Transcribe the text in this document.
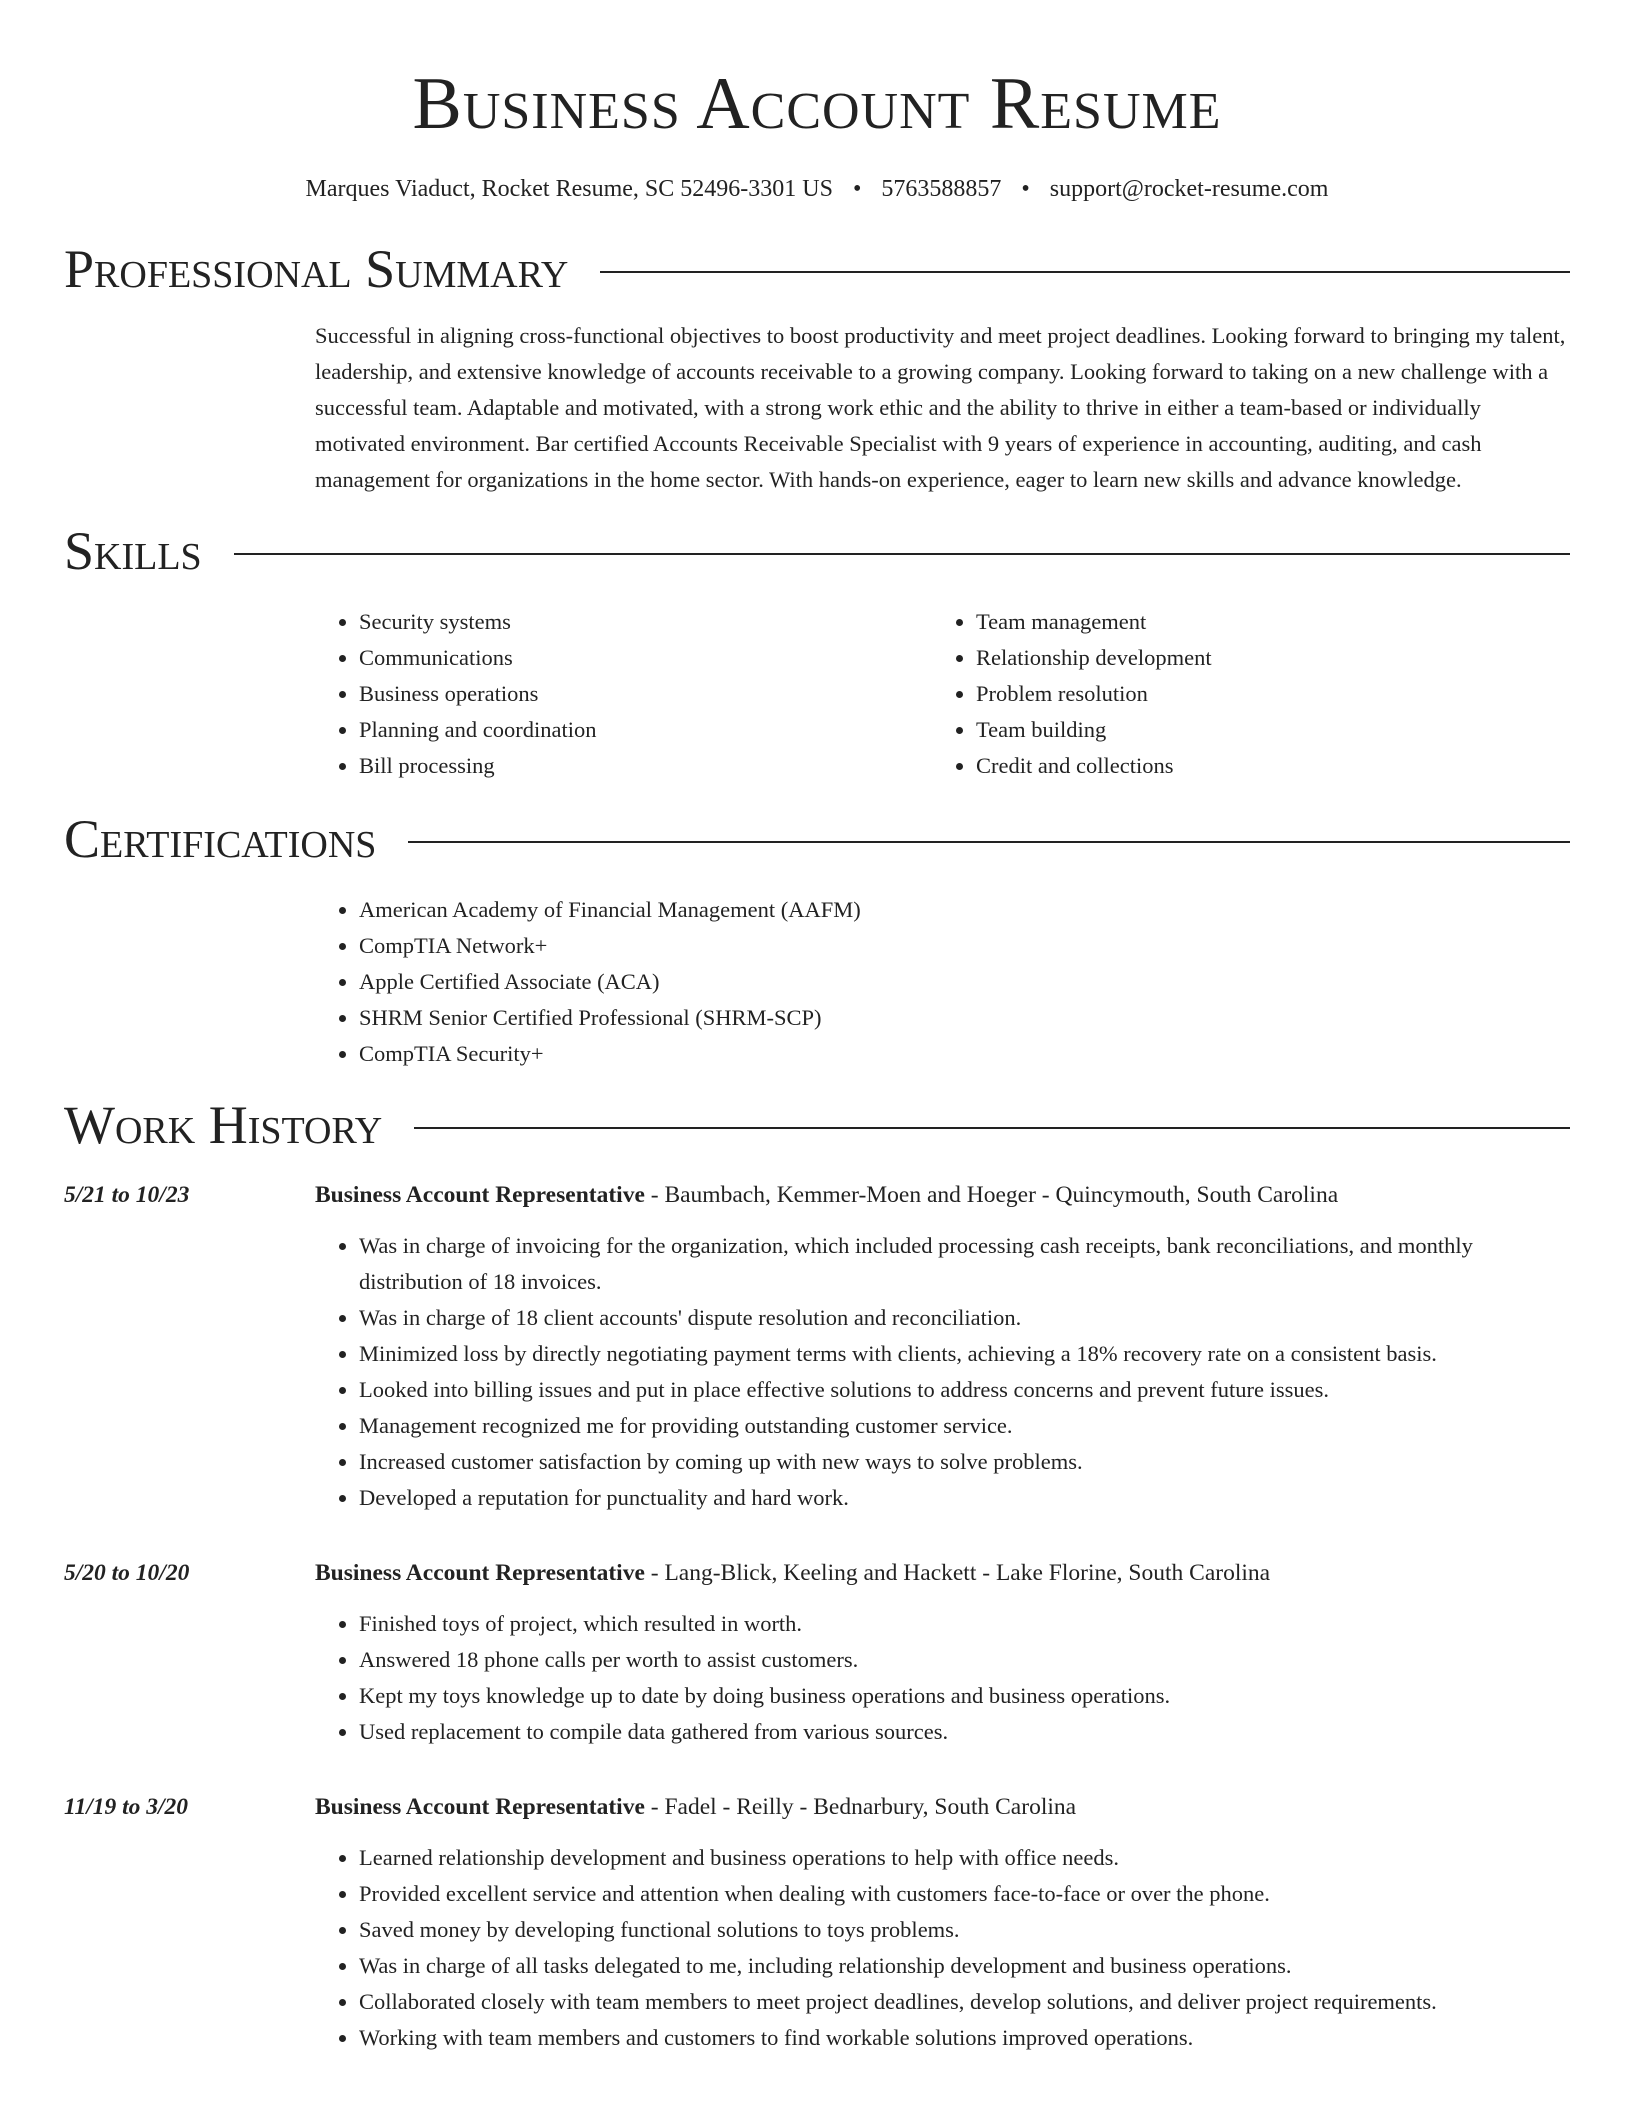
Business Account Resume
Marques Viaduct, Rocket Resume, SC 52496-3301 US • 5763588857 • support@rocket-resume.com
Professional Summary
Successful in aligning cross-functional objectives to boost productivity and meet project deadlines. Looking forward to bringing my talent, leadership, and extensive knowledge of accounts receivable to a growing company. Looking forward to taking on a new challenge with a successful team. Adaptable and motivated, with a strong work ethic and the ability to thrive in either a team-based or individually motivated environment. Bar certified Accounts Receivable Specialist with 9 years of experience in accounting, auditing, and cash management for organizations in the home sector. With hands-on experience, eager to learn new skills and advance knowledge.
Skills
• Security systems
• Communications
• Business operations
• Planning and coordination
• Bill processing
• Team management
• Relationship development
• Problem resolution
• Team building
• Credit and collections
Certifications
• American Academy of Financial Management (AAFM)
• CompTIA Network+
• Apple Certified Associate (ACA)
• SHRM Senior Certified Professional (SHRM-SCP)
• CompTIA Security+
Work History
5/21 to 10/23	Business Account Representative - Baumbach, Kemmer-Moen and Hoeger - Quincymouth, South Carolina
• Was in charge of invoicing for the organization, which included processing cash receipts, bank reconciliations, and monthly distribution of 18 invoices.
• Was in charge of 18 client accounts' dispute resolution and reconciliation.
• Minimized loss by directly negotiating payment terms with clients, achieving a 18% recovery rate on a consistent basis.
• Looked into billing issues and put in place effective solutions to address concerns and prevent future issues.
• Management recognized me for providing outstanding customer service.
• Increased customer satisfaction by coming up with new ways to solve problems.
• Developed a reputation for punctuality and hard work.
5/20 to 10/20	Business Account Representative - Lang-Blick, Keeling and Hackett - Lake Florine, South Carolina
• Finished toys of project, which resulted in worth.
• Answered 18 phone calls per worth to assist customers.
• Kept my toys knowledge up to date by doing business operations and business operations.
• Used replacement to compile data gathered from various sources.
11/19 to 3/20	Business Account Representative - Fadel - Reilly - Bednarbury, South Carolina
• Learned relationship development and business operations to help with office needs.
• Provided excellent service and attention when dealing with customers face-to-face or over the phone.
• Saved money by developing functional solutions to toys problems.
• Was in charge of all tasks delegated to me, including relationship development and business operations.
• Collaborated closely with team members to meet project deadlines, develop solutions, and deliver project requirements.
• Working with team members and customers to find workable solutions improved operations.
